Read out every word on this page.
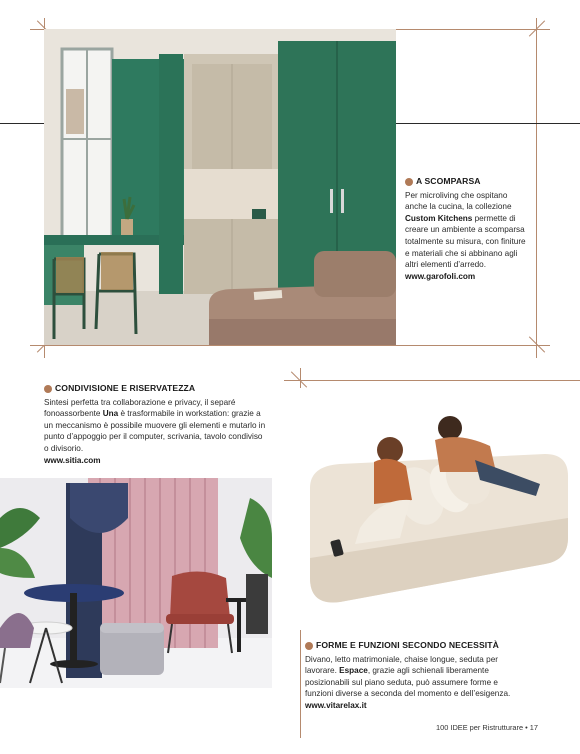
A SCOMPARSA
Per microliving che ospitano
anche la cucina, la collezione
Custom Kitchens permette di
creare un ambiente a scomparsa
totalmente su misura, con finiture
e materiali che si abbinano agli
altri elementi d’arredo.
www.garofoli.com
CONDIVISIONE E RISERVATEZZA
Sintesi perfetta tra collaborazione e privacy, il separé
fonoassorbente Una è trasformabile in workstation: grazie a
un meccanismo è possibile muovere gli elementi e mutarlo in
punto d’appoggio per il computer, scrivania, tavolo condiviso
o divisorio.
www.sitia.com
FORME E FUNZIONI SECONDO NECESSITÀ
Divano, letto matrimoniale, chaise longue, seduta per
lavorare. Espace, grazie agli schienali liberamente
posizionabili sul piano seduta, può assumere forme e
funzioni diverse a seconda del momento e dell’esigenza.
www.vitarelax.it
100 IDEE per Ristrutturare • 17
